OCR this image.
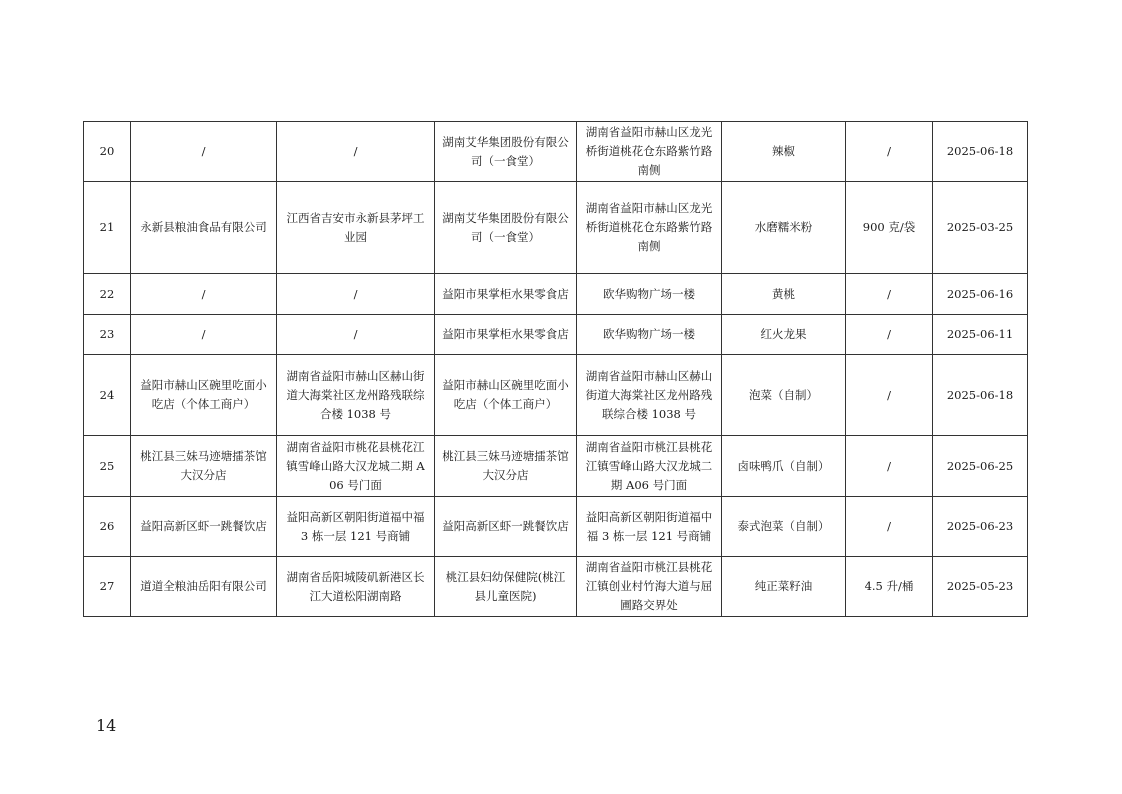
20	/	/	湖南艾华集团股份有限公司（一食堂）	湖南省益阳市赫山区龙光桥街道桃花仓东路紫竹路南侧	辣椒	/	2025-06-18
21	永新县粮油食品有限公司	江西省吉安市永新县茅坪工业园	湖南艾华集团股份有限公司（一食堂）	湖南省益阳市赫山区龙光桥街道桃花仓东路紫竹路南侧	水磨糯米粉	900 克/袋	2025-03-25
22	/	/	益阳市果掌柜水果零食店	欧华购物广场一楼	黄桃	/	2025-06-16
23	/	/	益阳市果掌柜水果零食店	欧华购物广场一楼	红火龙果	/	2025-06-11
24	益阳市赫山区碗里吃面小吃店（个体工商户）	湖南省益阳市赫山区赫山街道大海棠社区龙州路残联综合楼 1038 号	益阳市赫山区碗里吃面小吃店（个体工商户）	湖南省益阳市赫山区赫山街道大海棠社区龙州路残联综合楼 1038 号	泡菜（自制）	/	2025-06-18
25	桃江县三妹马迹塘擂茶馆大汉分店	湖南省益阳市桃花县桃花江镇雪峰山路大汉龙城二期 A06 号门面	桃江县三妹马迹塘擂茶馆大汉分店	湖南省益阳市桃江县桃花江镇雪峰山路大汉龙城二期 A06 号门面	卤味鸭爪（自制）	/	2025-06-25
26	益阳高新区虾一跳餐饮店	益阳高新区朝阳街道福中福 3 栋一层 121 号商铺	益阳高新区虾一跳餐饮店	益阳高新区朝阳街道福中福 3 栋一层 121 号商铺	泰式泡菜（自制）	/	2025-06-23
27	道道全粮油岳阳有限公司	湖南省岳阳城陵矶新港区长江大道松阳湖南路	桃江县妇幼保健院(桃江县儿童医院)	湖南省益阳市桃江县桃花江镇创业村竹海大道与屈圃路交界处	纯正菜籽油	4.5 升/桶	2025-05-23
14
